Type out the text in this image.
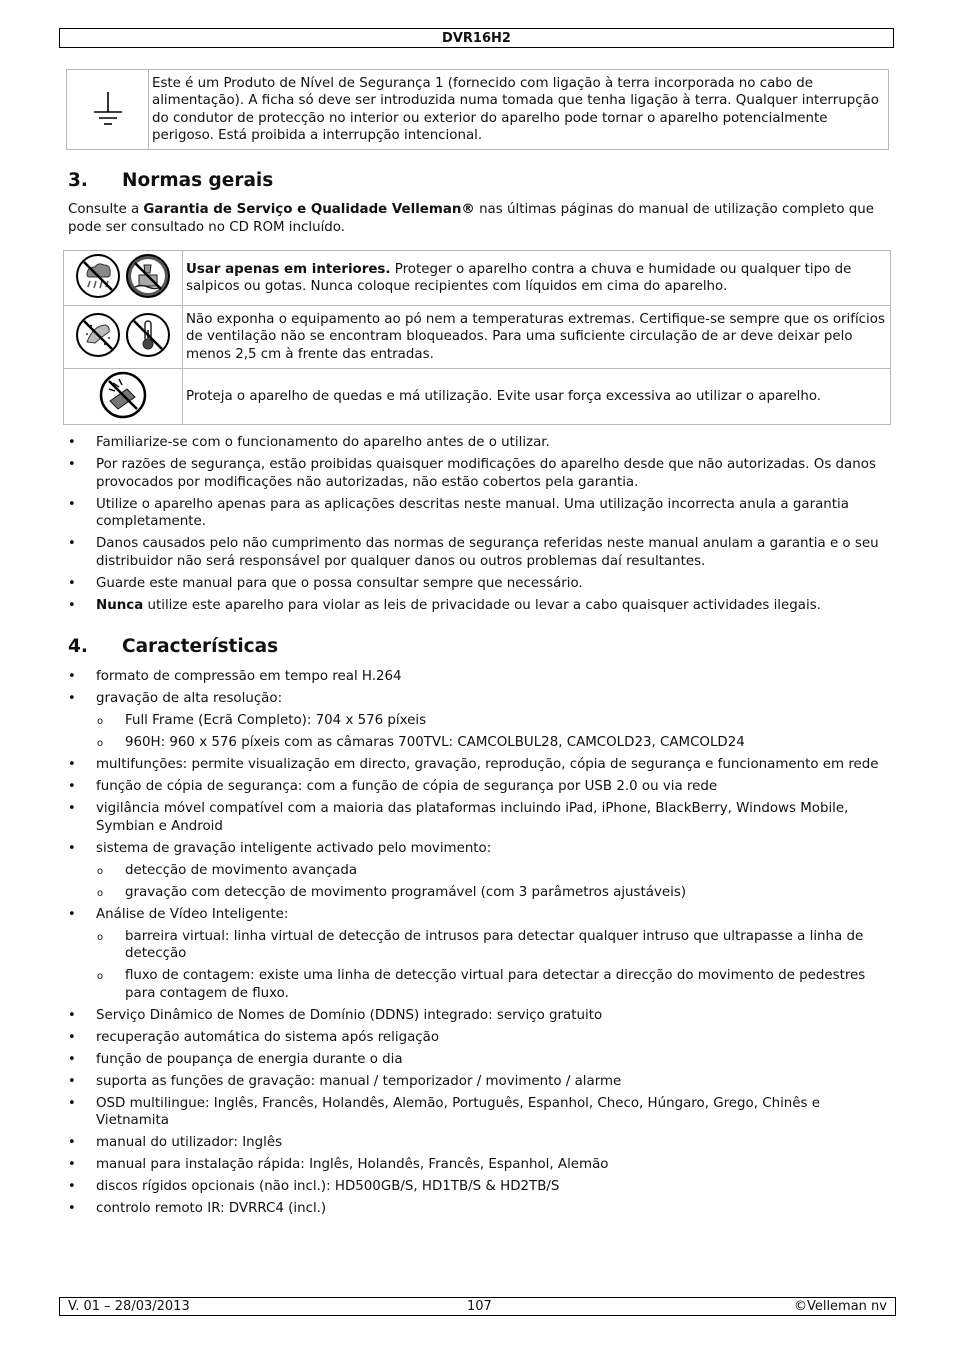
DVR16H2
	Este é um Produto de Nível de Segurança 1 (fornecido com ligação à terra incorporada no cabo de alimentação). A ficha só deve ser introduzida numa tomada que tenha ligação à terra. Qualquer interrupção do condutor de protecção no interior ou exterior do aparelho pode tornar o aparelho potencialmente perigoso. Está proibida a interrupção intencional.
3. Normas gerais
Consulte a Garantia de Serviço e Qualidade Velleman® nas últimas páginas do manual de utilização completo que pode ser consultado no CD ROM incluído.
	Usar apenas em interiores. Proteger o aparelho contra a chuva e humidade ou qualquer tipo de salpicos ou gotas. Nunca coloque recipientes com líquidos em cima do aparelho.
	Não exponha o equipamento ao pó nem a temperaturas extremas. Certifique-se sempre que os orifícios de ventilação não se encontram bloqueados. Para uma suficiente circulação de ar deve deixar pelo menos 2,5 cm à frente das entradas.
	Proteja o aparelho de quedas e má utilização. Evite usar força excessiva ao utilizar o aparelho.
• Familiarize-se com o funcionamento do aparelho antes de o utilizar.
• Por razões de segurança, estão proibidas quaisquer modificações do aparelho desde que não autorizadas. Os danos provocados por modificações não autorizadas, não estão cobertos pela garantia.
• Utilize o aparelho apenas para as aplicações descritas neste manual. Uma utilização incorrecta anula a garantia completamente.
• Danos causados pelo não cumprimento das normas de segurança referidas neste manual anulam a garantia e o seu distribuidor não será responsável por qualquer danos ou outros problemas daí resultantes.
• Guarde este manual para que o possa consultar sempre que necessário.
• Nunca utilize este aparelho para violar as leis de privacidade ou levar a cabo quaisquer actividades ilegais.
4. Características
• formato de compressão em tempo real H.264
• gravação de alta resolução:
o Full Frame (Ecrã Completo): 704 x 576 píxeis
o 960H: 960 x 576 píxeis com as câmaras 700TVL: CAMCOLBUL28, CAMCOLD23, CAMCOLD24
• multifunções: permite visualização em directo, gravação, reprodução, cópia de segurança e funcionamento em rede
• função de cópia de segurança: com a função de cópia de segurança por USB 2.0 ou via rede
• vigilância móvel compatível com a maioria das plataformas incluindo iPad, iPhone, BlackBerry, Windows Mobile, Symbian e Android
• sistema de gravação inteligente activado pelo movimento:
o detecção de movimento avançada
o gravação com detecção de movimento programável (com 3 parâmetros ajustáveis)
• Análise de Vídeo Inteligente:
o barreira virtual: linha virtual de detecção de intrusos para detectar qualquer intruso que ultrapasse a linha de detecção
o fluxo de contagem: existe uma linha de detecção virtual para detectar a direcção do movimento de pedestres para contagem de fluxo.
• Serviço Dinâmico de Nomes de Domínio (DDNS) integrado: serviço gratuito
• recuperação automática do sistema após religação
• função de poupança de energia durante o dia
• suporta as funções de gravação: manual / temporizador / movimento / alarme
• OSD multilingue: Inglês, Francês, Holandês, Alemão, Português, Espanhol, Checo, Húngaro, Grego, Chinês e Vietnamita
• manual do utilizador: Inglês
• manual para instalação rápida: Inglês, Holandês, Francês, Espanhol, Alemão
• discos rígidos opcionais (não incl.): HD500GB/S, HD1TB/S & HD2TB/S
• controlo remoto IR: DVRRC4 (incl.)
V. 01 – 28/03/2013	107	©Velleman nv
